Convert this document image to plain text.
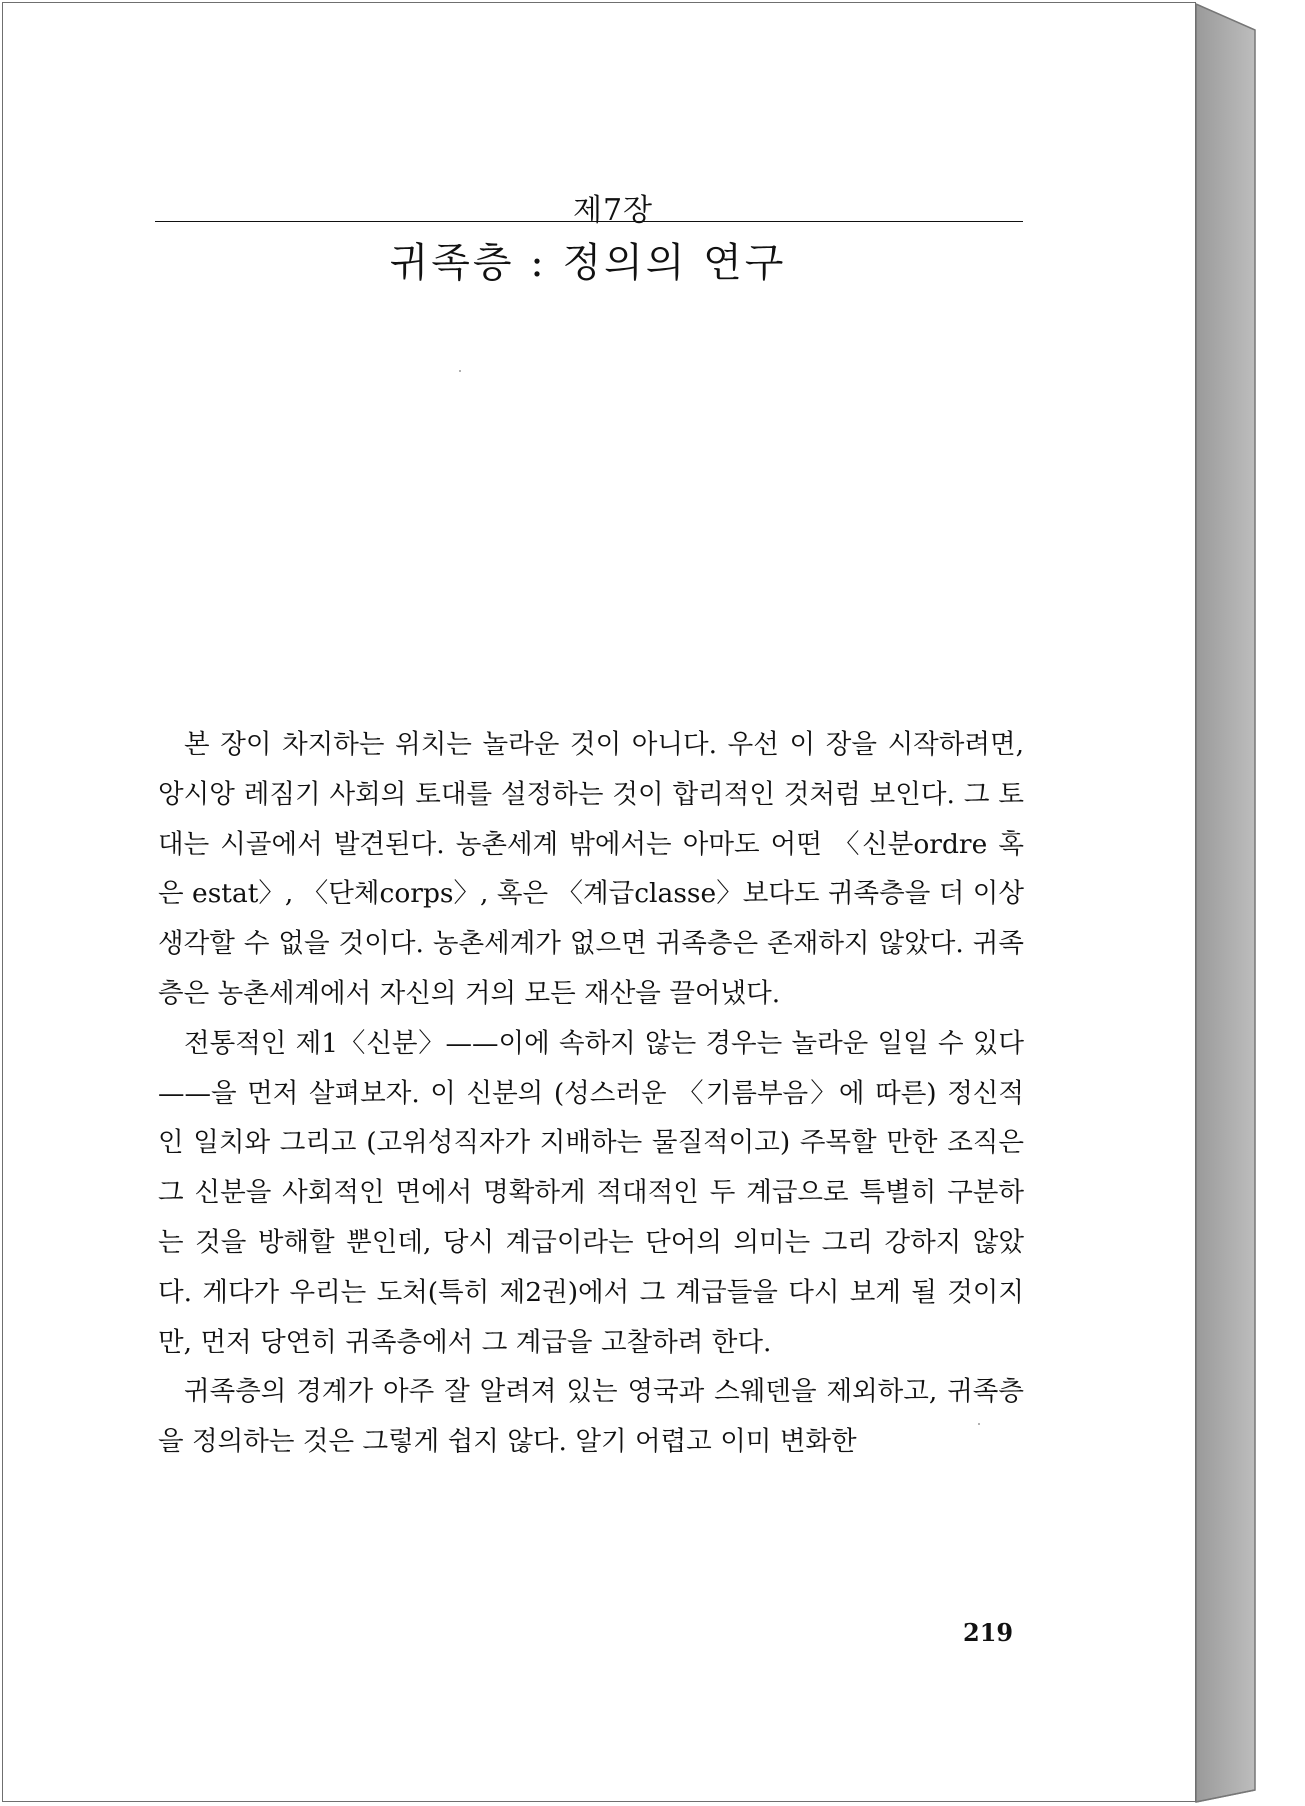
제7장
귀족층 : 정의의 연구

본 장이 차지하는 위치는 놀라운 것이 아니다. 우선 이 장을 시작하려면, 앙시앙 레짐기 사회의 토대를 설정하는 것이 합리적인 것처럼 보인다. 그 토대는 시골에서 발견된다. 농촌세계 밖에서는 아마도 어떤 〈신분ordre 혹은 estat〉, 〈단체corps〉, 혹은 〈계급classe〉보다도 귀족층을 더 이상 생각할 수 없을 것이다. 농촌세계가 없으면 귀족층은 존재하지 않았다. 귀족층은 농촌세계에서 자신의 거의 모든 재산을 끌어냈다.

전통적인 제1〈신분〉——이에 속하지 않는 경우는 놀라운 일일 수 있다——을 먼저 살펴보자. 이 신분의 (성스러운 〈기름부음〉에 따른) 정신적인 일치와 그리고 (고위성직자가 지배하는 물질적이고) 주목할 만한 조직은 그 신분을 사회적인 면에서 명확하게 적대적인 두 계급으로 특별히 구분하는 것을 방해할 뿐인데, 당시 계급이라는 단어의 의미는 그리 강하지 않았다. 게다가 우리는 도처(특히 제2권)에서 그 계급들을 다시 보게 될 것이지만, 먼저 당연히 귀족층에서 그 계급을 고찰하려 한다.

귀족층의 경계가 아주 잘 알려져 있는 영국과 스웨덴을 제외하고, 귀족층을 정의하는 것은 그렇게 쉽지 않다. 알기 어렵고 이미 변화한

219
